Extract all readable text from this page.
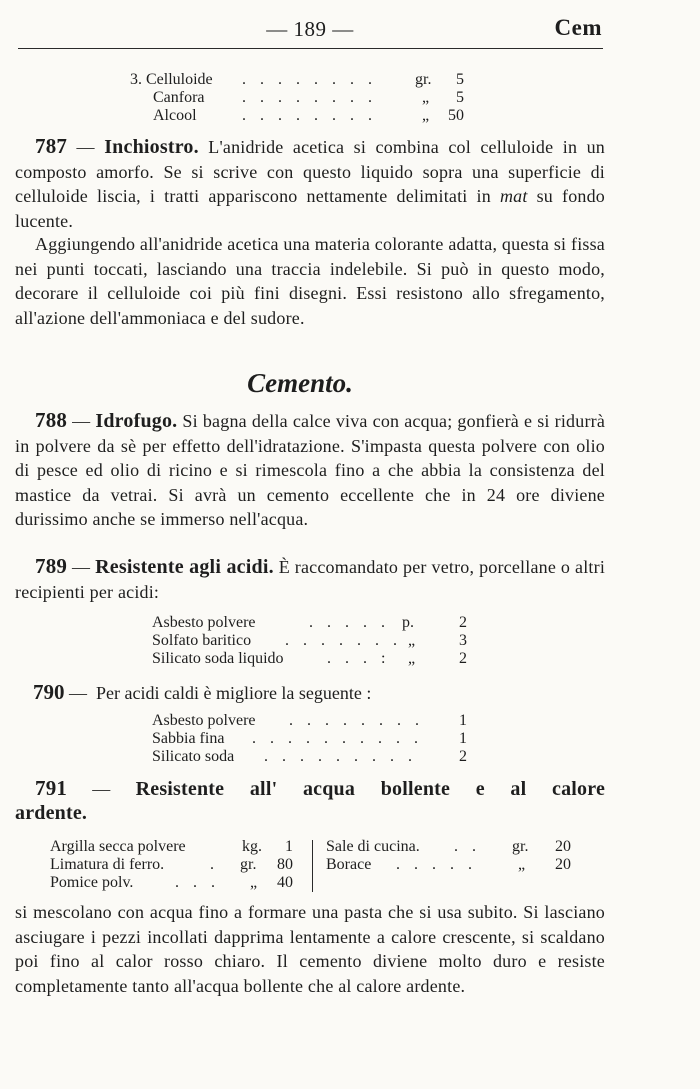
— 189 —	Cem
3. Celluloide . . . . . . . . gr.	5
Canfora . . . . . . . .	„	5
Alcool	. . . . . . . .	„	50
787 — Inchiostro. L'anidride acetica si combina col celluloide in un composto amorfo. Se si scrive con questo liquido sopra una superficie di celluloide liscia, i tratti appariscono nettamente delimitati in mat su fondo lucente.
Aggiungendo all'anidride acetica una materia colorante adatta, questa si fissa nei punti toccati, lasciando una traccia indelebile. Si può in questo modo, decorare il celluloide coi più fini disegni. Essi resistono allo sfregamento, all'azione dell'ammoniaca e del sudore.
Cemento.
788 — Idrofugo. Si bagna della calce viva con acqua; gonfierà e si ridurrà in polvere da sè per effetto dell'idratazione. S'impasta questa polvere con olio di pesce ed olio di ricino e si rimescola fino a che abbia la consistenza del mastice da vetrai. Si avrà un cemento eccellente che in 24 ore diviene durissimo anche se immerso nell'acqua.
789 — Resistente agli acidi. È raccomandato per vetro, porcellane o altri recipienti per acidi:
Asbesto polvere	. . . . . p.	2
Solfato baritico . . . . . . . „	3
Silicato soda liquido	. . . : „	2
790 — Per acidi caldi è migliore la seguente :
Asbesto polvere . . . . . . . .	1
Sabbia fina . . . . . . . . . .	1
Silicato soda . . . . . . . . .	2
791 — Resistente all' acqua bollente e al calore ardente.
Argilla secca polvere	kg.	1
Limatura di ferro.	. gr.	80
Pomice polv.	. . . „	40
Sale di cucina. . . gr.	20
Borace . . . . .	„	20
si mescolano con acqua fino a formare una pasta che si usa subito. Si lasciano asciugare i pezzi incollati dapprima lentamente a calore crescente, si scaldano poi fino al calor rosso chiaro. Il cemento diviene molto duro e resiste completamente tanto all'acqua bollente che al calore ardente.
